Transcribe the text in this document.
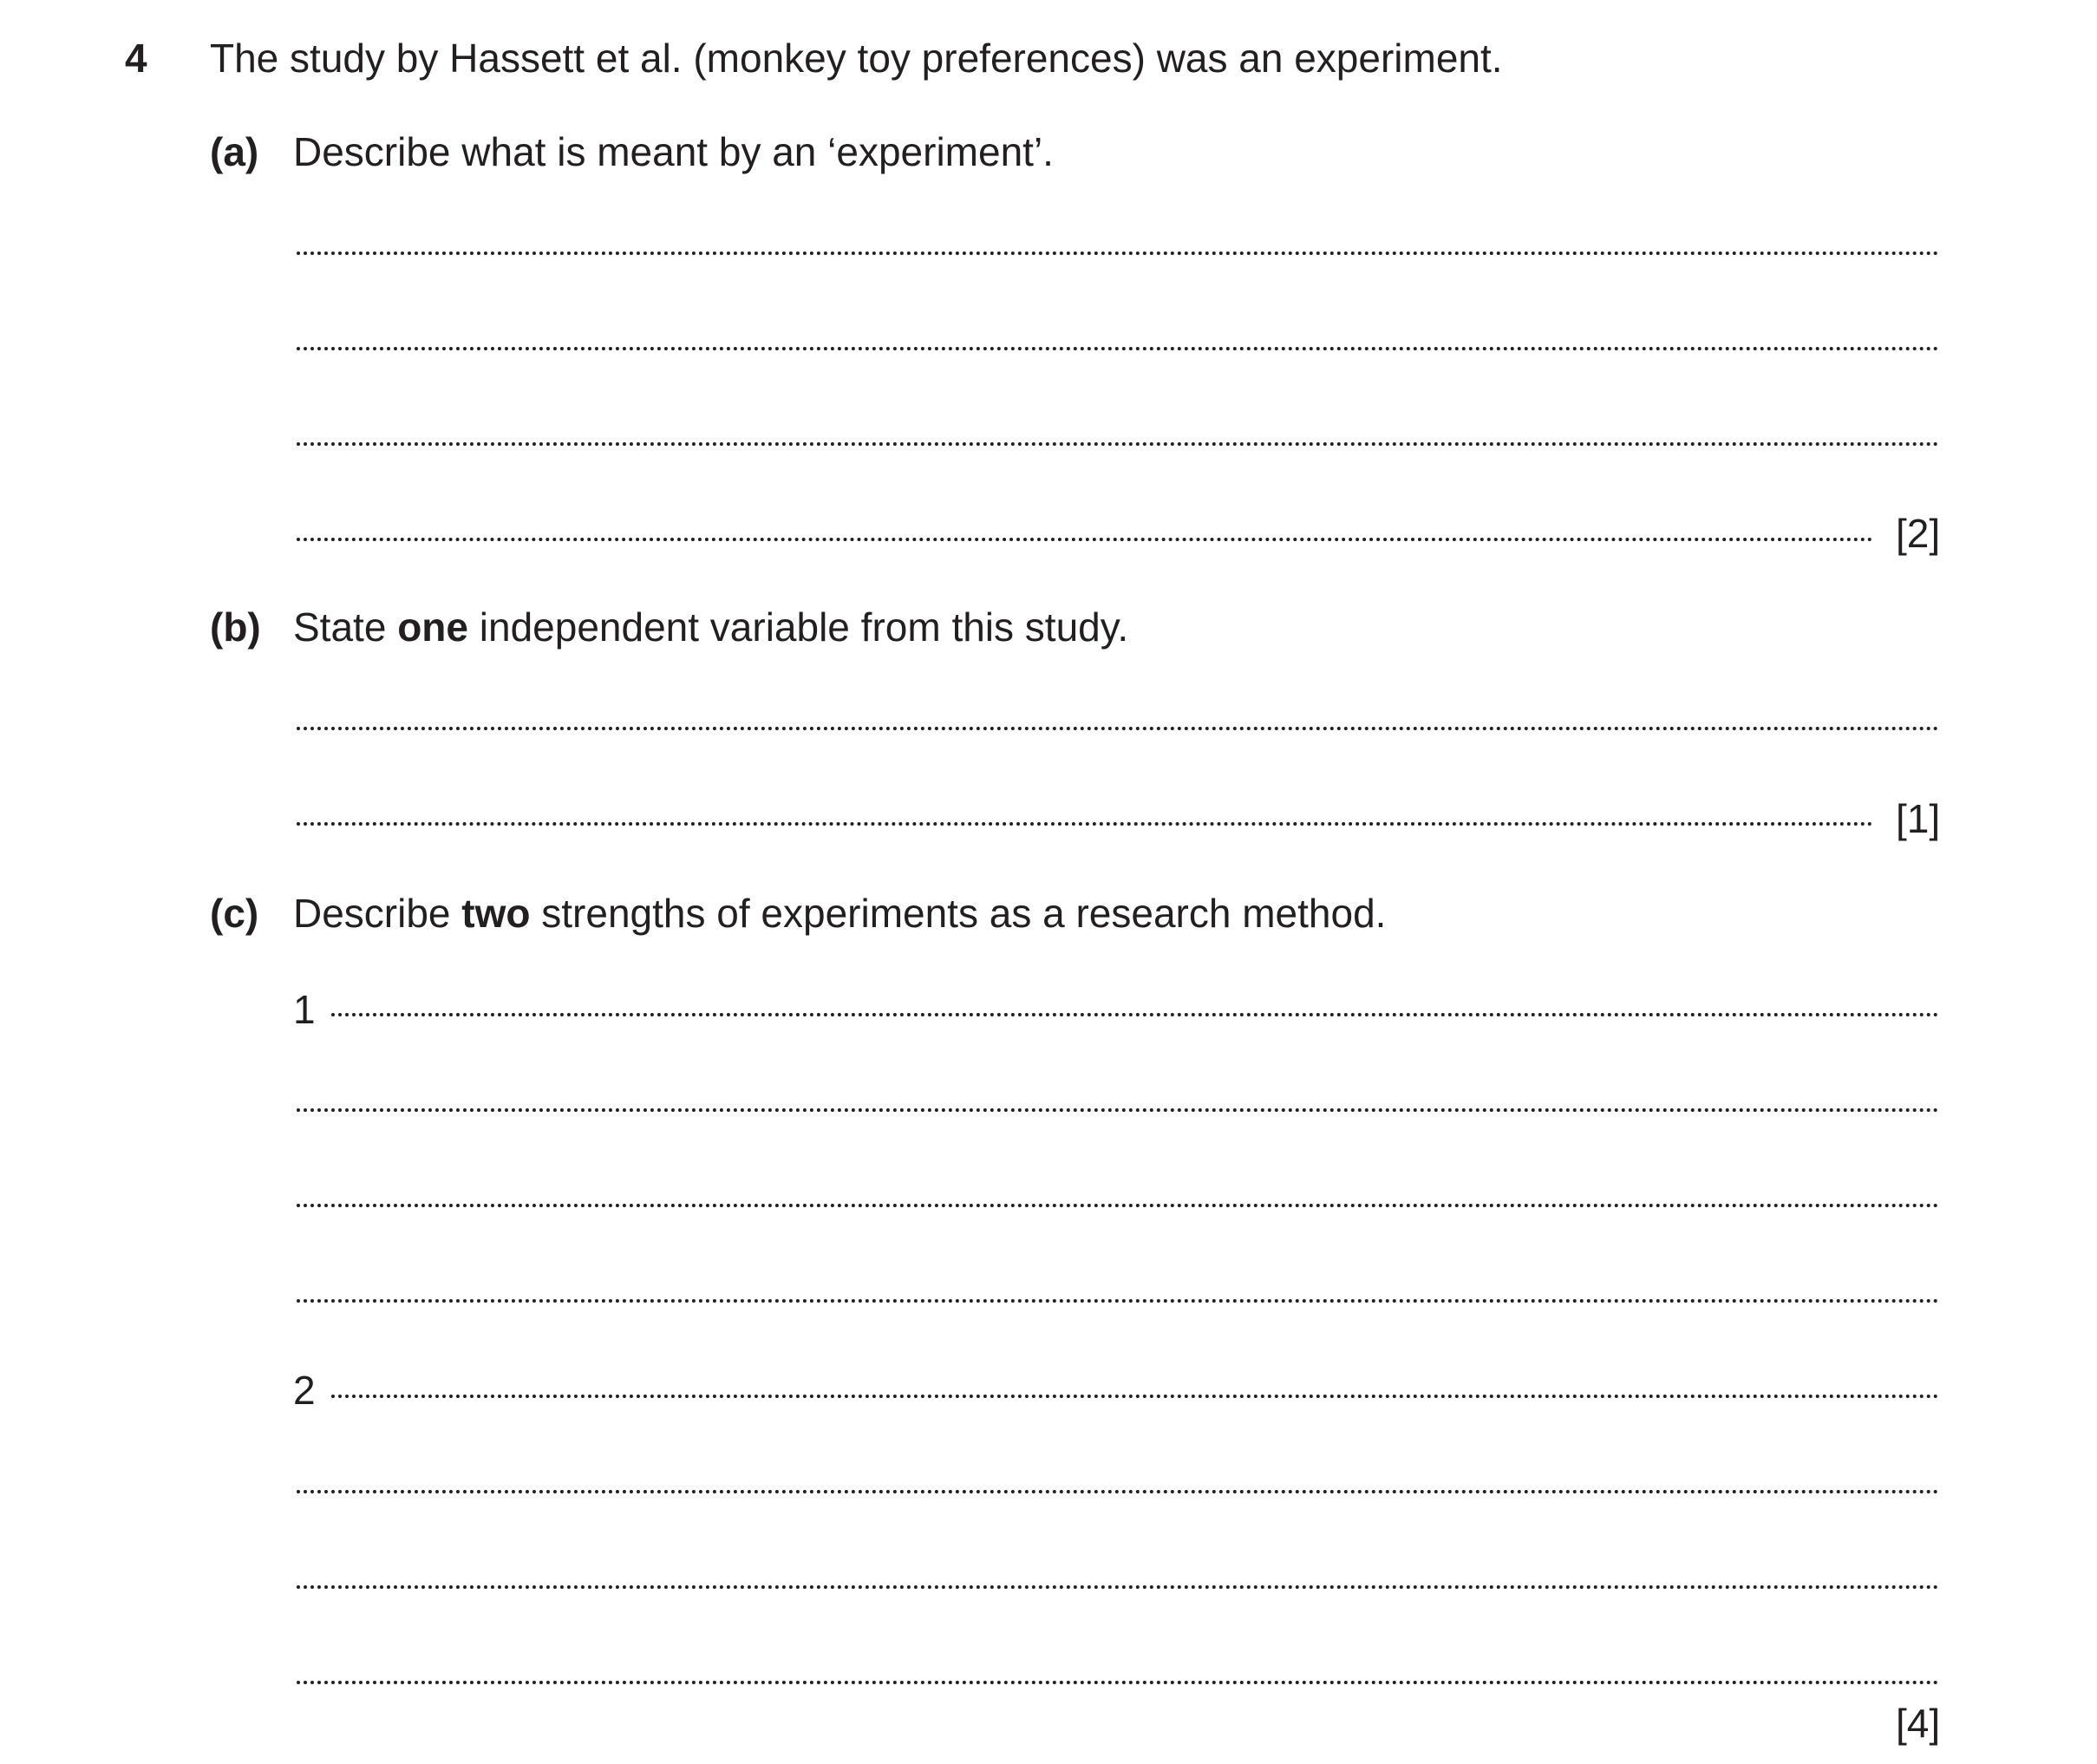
4 The study by Hassett et al. (monkey toy preferences) was an experiment.
(a) Describe what is meant by an ‘experiment’.
[2]
(b) State one independent variable from this study.
[1]
(c) Describe two strengths of experiments as a research method.
1
2
[4]
